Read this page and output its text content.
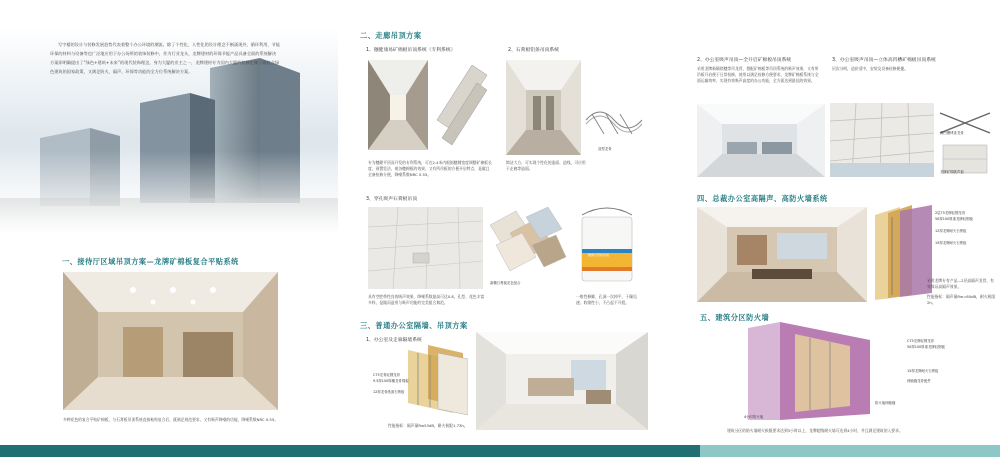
写字楼的设计与装修发展趋势代表着整个办公环境的潮流。除了个性化、人性化的设计理念不断涌现外，循环利用、节能环保的材料与设备等也广泛地应用于办公场所的装饰装修中，作为行业龙头，龙牌建材的环保节能产品具备全面的系统解决方案即明确提出了“绿色+建筑+未来”的现代装饰理念，身为大厦的业主之一，龙牌建材专为国内大厦的装修定制了既符合绿色建筑的国家政策，又满足防火、隔声、环保等功能的全方位系统解决方案。
一、接待厅区域吊顶方案—龙牌矿棉板复合平贴系统
多种花色的复合平贴矿棉板，与石膏板吊顶系统直接粘贴复合后，既满足规范要求，又有吸声降噪的功能，降噪系数NRC 0.55。
二、走廊吊顶方案
1、穗健康易矿棉板吊顶系统（专利系统）
专为穗健平顶而开发的专利系统，可在2.4米内根据穗健宽度调整矿棉板长度，预置竖法，使各穗棉板的效果，又有所吊板的方便开启特点，是做且全备检修方便，降噪系数NRC 0.55。
2、石膏板铝条吊顶系统
造型龙骨
简洁大方，可实现个性化的造面、造线，可应用于走廊等造面。
3、穿孔吸声石膏板吊顶
嘉穗石膏板花色组合
穗健石膏板系统
具有空腔带性良的吸声效果，降噪系数最高可达0.8，孔型、花色丰富多样，是做而造用与吸声功能的完美组合典范。
一般性修脚，孔洞一次掉平，干燥迅速，收缩性小，不凸起不开裂。
三、普通办公室隔墙、吊顶方案
1、办公室及走廊隔墙系统
C75龙骨轻钢龙骨
9.5厚100厚穗龙骨棉板
12厚龙骨纸面石膏板
性能指标：隔声量Rw53dB，耐火极限1.73h。
2、办公室吸声吊顶—全开启矿棉板吊顶系统
采用龙牌新颖锁穗等吊龙骨，搭配矿棉板等吊顶系统的吸声效果，又有所吊板开启便于日常检修，使用以满足检修方便要求，龙牌矿棉板系统与全面运输效率，实现有效吸声高度的办公功能，全方面达到最佳的效果。
3、办公室吸声吊顶—立体高凹槽矿棉板吊顶系统
层次分明，造价适中，安装及设备检修便捷。
高凹槽烤漆龙骨
龙牌矿棉吸声板
四、总裁办公室高隔声、高防火墙系统
2层75龙牌轻钢龙骨
50厚100厚重龙牌轻钢板
12厚龙牌耐火石膏板
15厚龙牌耐火石膏板
采用龙牌专有产品—2层高隔声龙骨，有效保证高隔声效果。
性能指标：隔声量Rw=60dB，耐火极限2h。
五、建筑分区防火墙
C75龙牌轻钢龙骨
50厚100厚重龙牌轻钢板
15厚龙牌耐火石膏板
伸缩缝龙骨配件
防火墙伸缩缝
4小时防火墙
建筑分区的防火墙耐火极限要求达到3小时以上，龙牌超级耐火墙可达到4小时，并且满足建筑的入要求。
